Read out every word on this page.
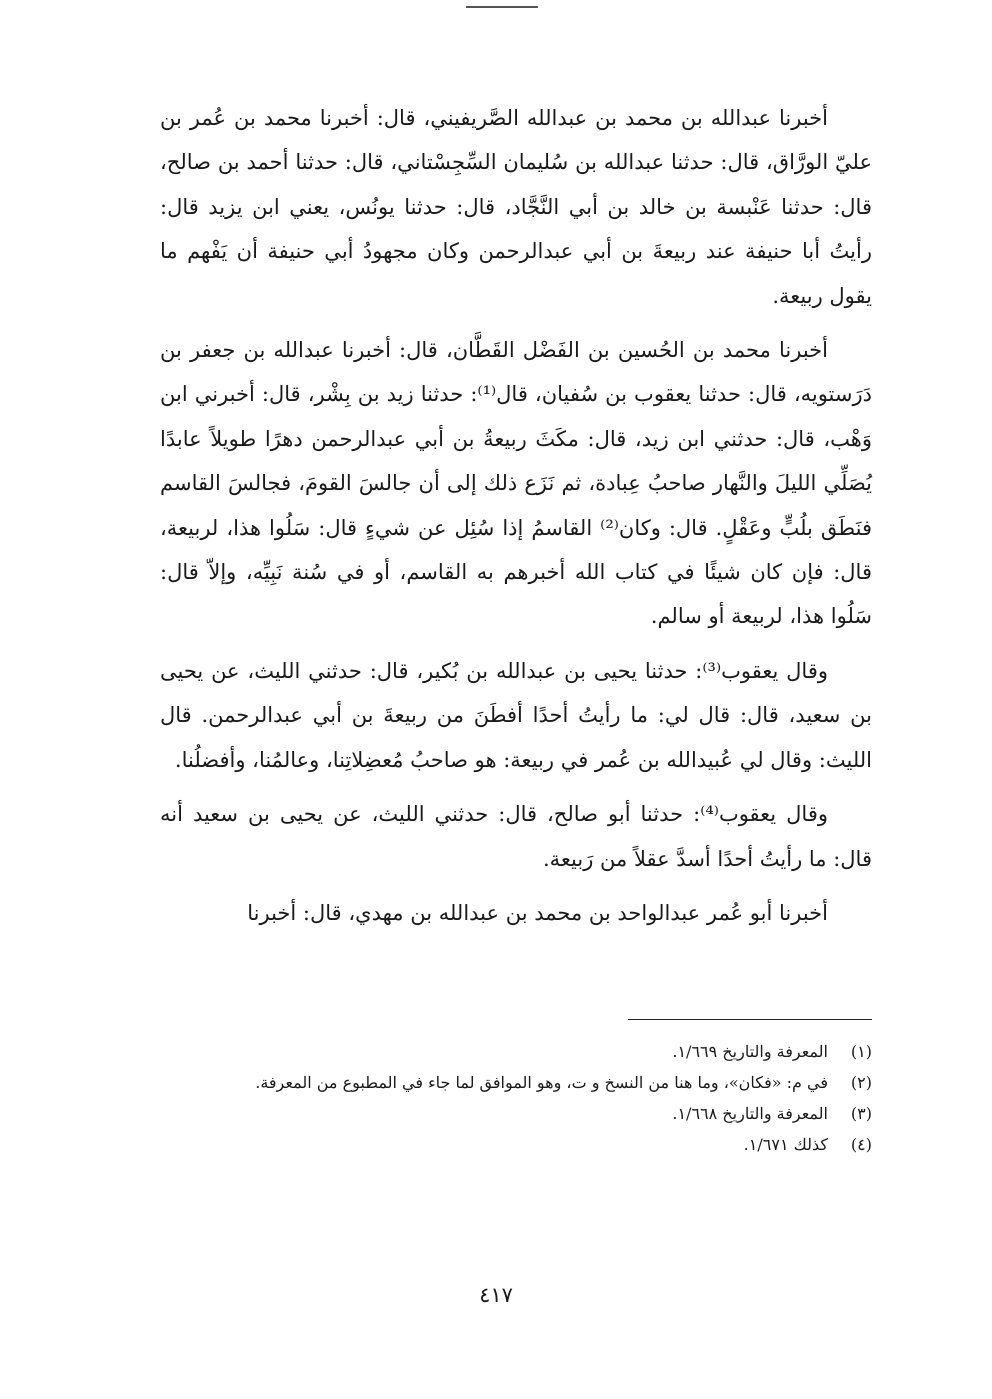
أخبرنا عبدالله بن محمد بن عبدالله الصَّريفيني، قال: أخبرنا محمد بن عُمر بن عليّ الورَّاق، قال: حدثنا عبدالله بن سُليمان السِّجِسْتاني، قال: حدثنا أحمد بن صالح، قال: حدثنا عَنْبسة بن خالد بن أبي النَّجَّاد، قال: حدثنا يونُس، يعني ابن يزيد قال: رأيتُ أبا حنيفة عند ربيعةَ بن أبي عبدالرحمن وكان مجهودُ أبي حنيفة أن يَفْهم ما يقول ربيعة.

أخبرنا محمد بن الحُسين بن الفَضْل القَطَّان، قال: أخبرنا عبدالله بن جعفر بن دَرَستويه، قال: حدثنا يعقوب بن سُفيان، قال⁽¹⁾: حدثنا زيد بن بِشْر، قال: أخبرني ابن وَهْب، قال: حدثني ابن زيد، قال: مكَثَ ربيعةُ بن أبي عبدالرحمن دهرًا طويلاً عابدًا يُصَلِّي الليلَ والنَّهار صاحبُ عِبادة، ثم نَزَع ذلك إلى أن جالسَ القومَ، فجالسَ القاسم فنَطَق بلُبٍّ وعَقْلٍ. قال: وكان⁽²⁾ القاسمُ إذا سُئِل عن شيءٍ قال: سَلُوا هذا، لربيعة، قال: فإن كان شيئًا في كتاب الله أخبرهم به القاسم، أو في سُنة نَبِيِّه، وإلاّ قال: سَلُوا هذا، لربيعة أو سالم.

وقال يعقوب⁽³⁾: حدثنا يحيى بن عبدالله بن بُكير، قال: حدثني الليث، عن يحيى بن سعيد، قال: قال لي: ما رأيتُ أحدًا أفطَنَ من ربيعةَ بن أبي عبدالرحمن. قال الليث: وقال لي عُبيدالله بن عُمر في ربيعة: هو صاحبُ مُعضِلاتِنا، وعالمُنا، وأفضلُنا.

وقال يعقوب⁽⁴⁾: حدثنا أبو صالح، قال: حدثني الليث، عن يحيى بن سعيد أنه قال: ما رأيتُ أحدًا أسدَّ عقلاً من رَبيعة.

أخبرنا أبو عُمر عبدالواحد بن محمد بن عبدالله بن مهدي، قال: أخبرنا

(١)
المعرفة والتاريخ ١/٦٦٩.
(٢)
في م: «فكان»، وما هنا من النسخ و ت، وهو الموافق لما جاء في المطبوع من المعرفة.
(٣)
المعرفة والتاريخ ١/٦٦٨.
(٤)
كذلك ١/٦٧١.
٤١٧
